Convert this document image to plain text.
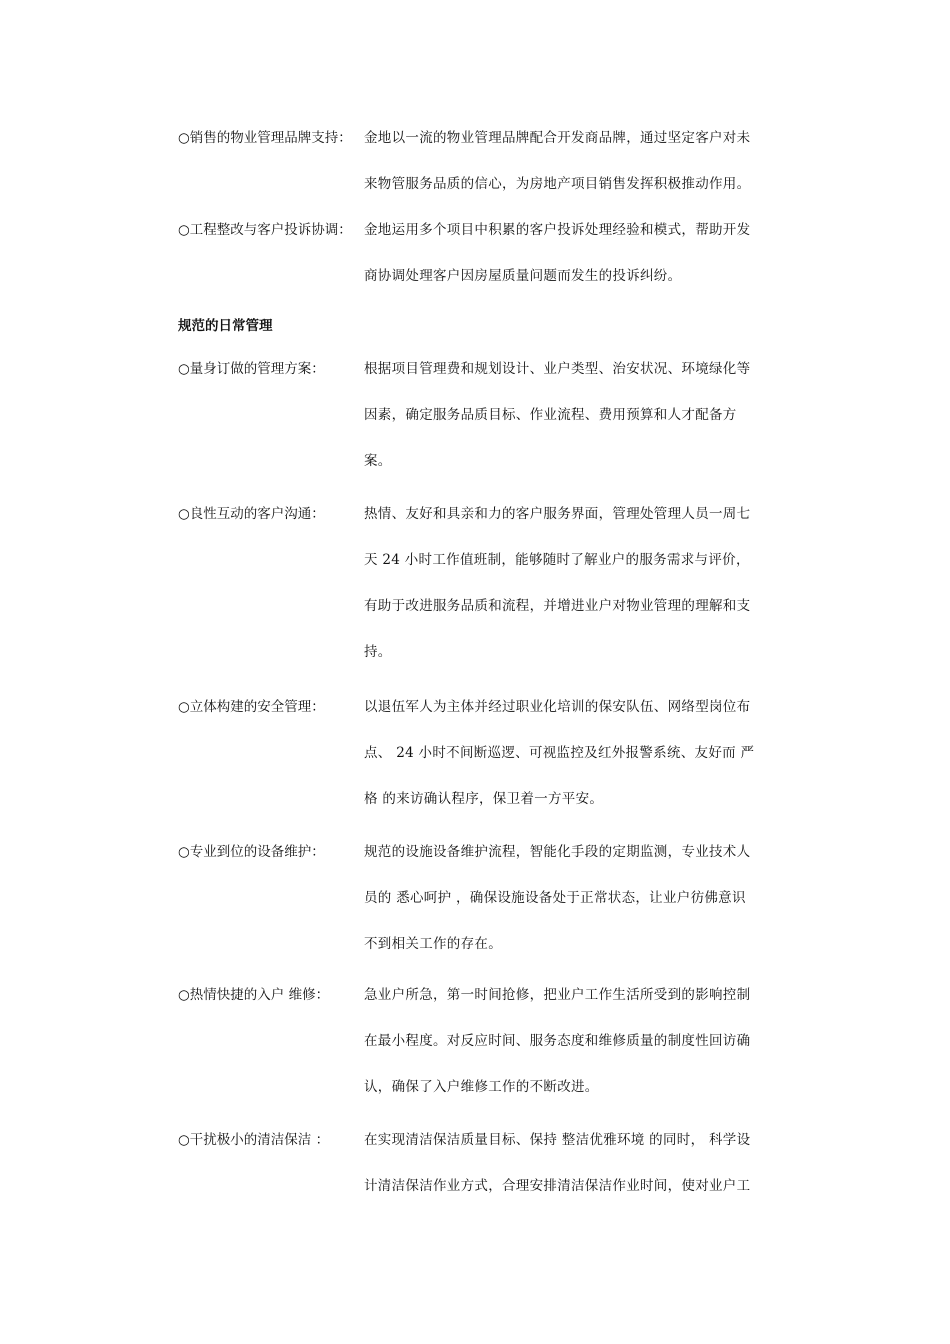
○销售的物业管理品牌支持： 金地以一流的物业管理品牌配合开发商品牌，通过坚定客户对未
来物管服务品质的信心，为房地产项目销售发挥积极推动作用。
○工程整改与客户投诉协调： 金地运用多个项目中积累的客户投诉处理经验和模式，帮助开发
商协调处理客户因房屋质量问题而发生的投诉纠纷。
规范的日常管理
○量身订做的管理方案：	根据项目管理费和规划设计、业户类型、治安状况、环境绿化等
因素，确定服务品质目标、作业流程、费用预算和人才配备方
案。
○良性互动的客户沟通：	热情、友好和具亲和力的客户服务界面，管理处管理人员一周七
天 24 小时工作值班制，能够随时了解业户的服务需求与评价，
有助于改进服务品质和流程，并增进业户对物业管理的理解和支
持。
○立体构建的安全管理：	以退伍军人为主体并经过职业化培训的保安队伍、网络型岗位布
点、 24 小时不间断巡逻、可视监控及红外报警系统、友好而 严
格 的来访确认程序，保卫着一方平安。
○专业到位的设备维护：	规范的设施设备维护流程，智能化手段的定期监测，专业技术人
员的 悉心呵护 ，确保设施设备处于正常状态，让业户彷佛意识
不到相关工作的存在。
○热情快捷的入户 维修：	急业户所急，第一时间抢修，把业户工作生活所受到的影响控制
在最小程度。对反应时间、服务态度和维修质量的制度性回访确
认，确保了入户维修工作的不断改进。
○干扰极小的清洁保洁 ：	在实现清洁保洁质量目标、保持 整洁优雅环境 的同时， 科学设
计清洁保洁作业方式，合理安排清洁保洁作业时间，使对业户工
